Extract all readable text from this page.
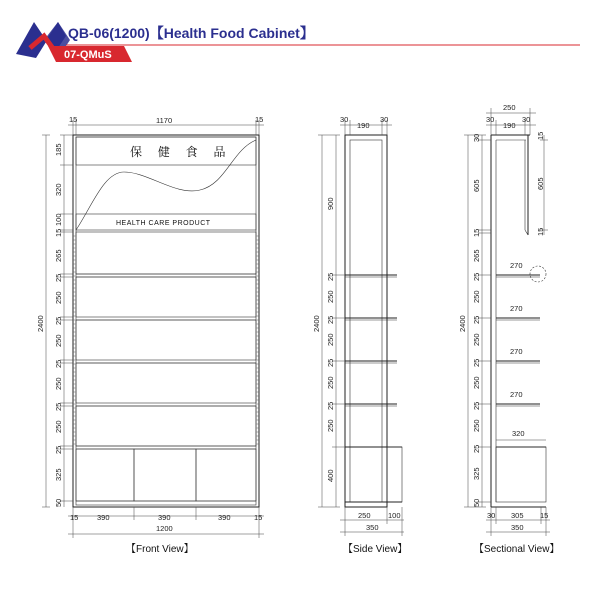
QB-06(1200)【Health Food Cabinet】
07-QMuS
保 健 食 品
HEALTH CARE PRODUCT
15	1170	15
185
320
100
15
265
25
250
25
250
25
250
25
250
25
325
50
2400
15 390	390	390	15
1200
【Front View】
30
190
30
900
25
250
25
250
25
250
25
250
400
2400
250 100
350
【Side View】
270
270
270
270
320
250
30
190
30
15
605
15
30
605
15
265
25
250
25
250
25
250
25
250
25
325
50
2400
30 305 15
350
【Sectional View】
